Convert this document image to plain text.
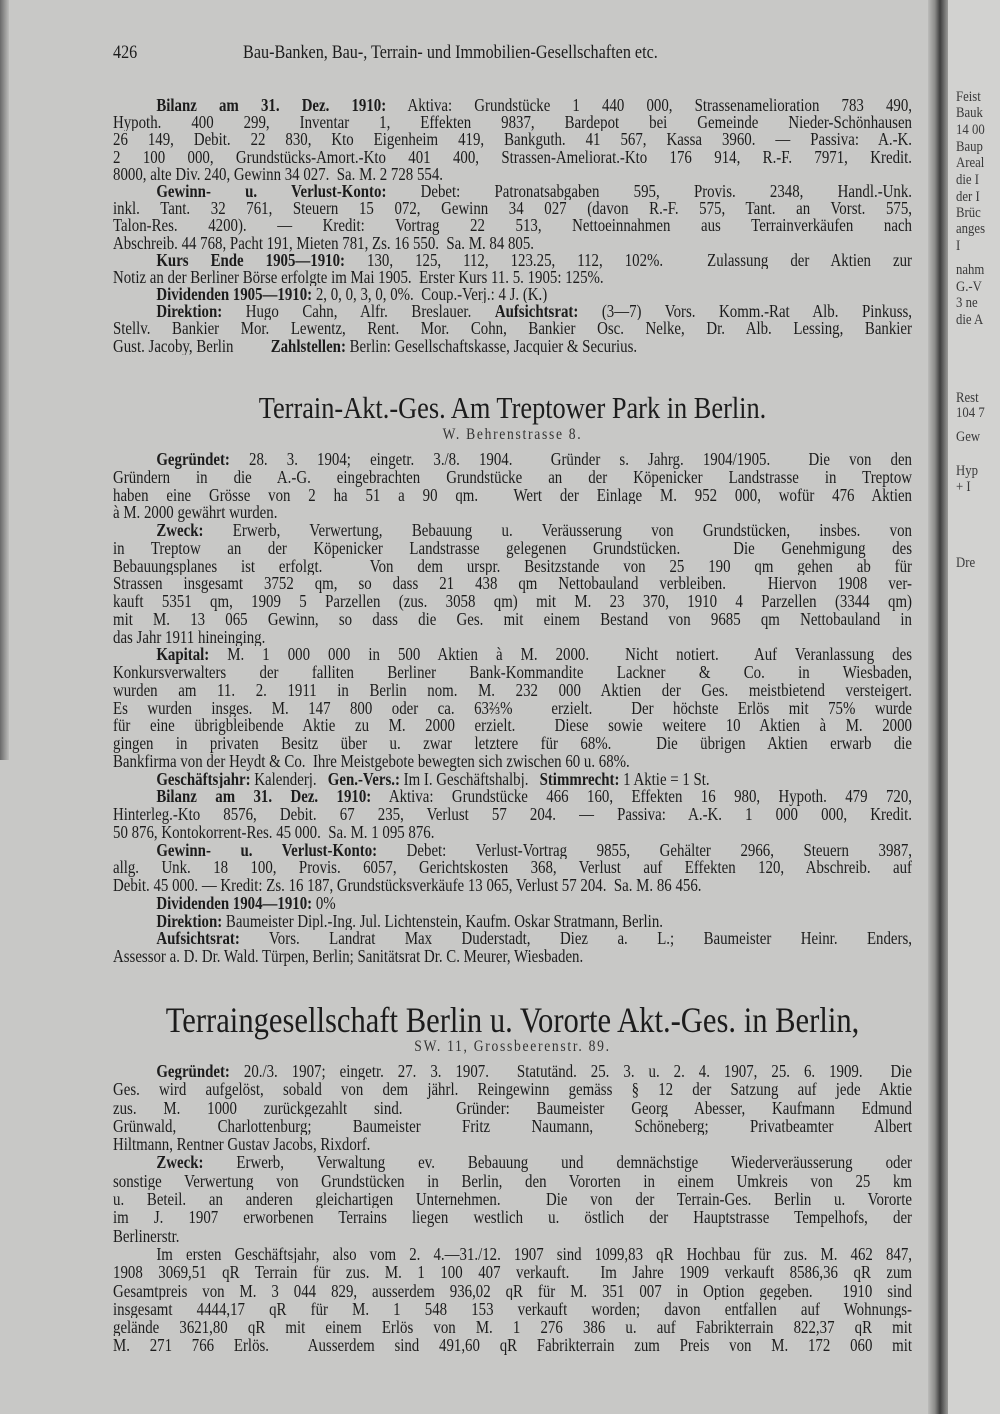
426	Bau-Banken, Bau-, Terrain- und Immobilien-Gesellschaften etc.
Bilanz am 31. Dez. 1910: Aktiva: Grundstücke 1 440 000, Strassenamelioration 783 490,
Hypoth. 400 299, Inventar 1, Effekten 9837, Bardepot bei Gemeinde Nieder-Schönhausen
26 149, Debit. 22 830, Kto Eigenheim 419, Bankguth. 41 567, Kassa 3960. — Passiva: A.-K.
2 100 000, Grundstücks-Amort.-Kto 401 400, Strassen-Ameliorat.-Kto 176 914, R.-F. 7971, Kredit.
8000, alte Div. 240, Gewinn 34 027.  Sa. M. 2 728 554.
Gewinn- u. Verlust-Konto: Debet: Patronatsabgaben 595, Provis. 2348, Handl.-Unk.
inkl. Tant. 32 761, Steuern 15 072, Gewinn 34 027 (davon R.-F. 575, Tant. an Vorst. 575,
Talon-Res. 4200). — Kredit: Vortrag 22 513, Nettoeinnahmen aus Terrainverkäufen nach
Abschreib. 44 768, Pacht 191, Mieten 781, Zs. 16 550.  Sa. M. 84 805.
Kurs Ende 1905—1910: 130, 125, 112, 123.25, 112, 102%.  Zulassung der Aktien zur
Notiz an der Berliner Börse erfolgte im Mai 1905.  Erster Kurs 11. 5. 1905: 125%.
Dividenden 1905—1910: 2, 0, 0, 3, 0, 0%.  Coup.-Verj.: 4 J. (K.)
Direktion: Hugo Cahn, Alfr. Breslauer. Aufsichtsrat: (3—7) Vors. Komm.-Rat Alb. Pinkuss,
Stellv. Bankier Mor. Lewentz, Rent. Mor. Cohn, Bankier Osc. Nelke, Dr. Alb. Lessing, Bankier
Gust. Jacoby, Berlin          Zahlstellen: Berlin: Gesellschaftskasse, Jacquier & Securius.
Terrain-Akt.-Ges. Am Treptower Park in Berlin.
W. Behrenstrasse 8.
Gegründet: 28. 3. 1904; eingetr. 3./8. 1904.  Gründer s. Jahrg. 1904/1905.  Die von den
Gründern in die A.-G. eingebrachten Grundstücke an der Köpenicker Landstrasse in Treptow
haben eine Grösse von 2 ha 51 a 90 qm.  Wert der Einlage M. 952 000, wofür 476 Aktien
à M. 2000 gewährt wurden.
Zweck: Erwerb, Verwertung, Bebauung u. Veräusserung von Grundstücken, insbes. von
in Treptow an der Köpenicker Landstrasse gelegenen Grundstücken.  Die Genehmigung des
Bebauungsplanes ist erfolgt.  Von dem urspr. Besitzstande von 25 190 qm gehen ab für
Strassen insgesamt 3752 qm, so dass 21 438 qm Nettobauland verbleiben.  Hiervon 1908 ver-
kauft 5351 qm, 1909 5 Parzellen (zus. 3058 qm) mit M. 23 370, 1910 4 Parzellen (3344 qm)
mit M. 13 065 Gewinn, so dass die Ges. mit einem Bestand von 9685 qm Nettobauland in
das Jahr 1911 hineinging.
Kapital: M. 1 000 000 in 500 Aktien à M. 2000.  Nicht notiert.  Auf Veranlassung des
Konkursverwalters der falliten Berliner Bank-Kommandite Lackner & Co. in Wiesbaden,
wurden am 11. 2. 1911 in Berlin nom. M. 232 000 Aktien der Ges. meistbietend versteigert.
Es wurden insges. M. 147 800 oder ca. 63⅔%  erzielt.  Der höchste Erlös mit 75% wurde
für eine übrigbleibende Aktie zu M. 2000 erzielt.  Diese sowie weitere 10 Aktien à M. 2000
gingen in privaten Besitz über u. zwar letztere für 68%.  Die übrigen Aktien erwarb die
Bankfirma von der Heydt & Co.  Ihre Meistgebote bewegten sich zwischen 60 u. 68%.
Geschäftsjahr: Kalenderj.   Gen.-Vers.: Im I. Geschäftshalbj.   Stimmrecht: 1 Aktie = 1 St.
Bilanz am 31. Dez. 1910: Aktiva: Grundstücke 466 160, Effekten 16 980, Hypoth. 479 720,
Hinterleg.-Kto 8576, Debit. 67 235, Verlust 57 204. — Passiva: A.-K. 1 000 000, Kredit.
50 876, Kontokorrent-Res. 45 000.  Sa. M. 1 095 876.
Gewinn- u. Verlust-Konto: Debet: Verlust-Vortrag 9855, Gehälter 2966, Steuern 3987,
allg. Unk. 18 100, Provis. 6057, Gerichtskosten 368, Verlust auf Effekten 120, Abschreib. auf
Debit. 45 000. — Kredit: Zs. 16 187, Grundstücksverkäufe 13 065, Verlust 57 204.  Sa. M. 86 456.
Dividenden 1904—1910: 0%
Direktion: Baumeister Dipl.-Ing. Jul. Lichtenstein, Kaufm. Oskar Stratmann, Berlin.
Aufsichtsrat: Vors. Landrat Max Duderstadt, Diez a. L.; Baumeister Heinr. Enders,
Assessor a. D. Dr. Wald. Türpen, Berlin; Sanitätsrat Dr. C. Meurer, Wiesbaden.
Terraingesellschaft Berlin u. Vororte Akt.-Ges. in Berlin,
SW. 11, Grossbeerenstr. 89.
Gegründet: 20./3. 1907; eingetr. 27. 3. 1907.  Statutänd. 25. 3. u. 2. 4. 1907, 25. 6. 1909.  Die
Ges. wird aufgelöst, sobald von dem jährl. Reingewinn gemäss § 12 der Satzung auf jede Aktie
zus. M. 1000 zurückgezahlt sind.  Gründer: Baumeister Georg Abesser, Kaufmann Edmund
Grünwald, Charlottenburg; Baumeister Fritz Naumann, Schöneberg; Privatbeamter Albert
Hiltmann, Rentner Gustav Jacobs, Rixdorf.
Zweck: Erwerb, Verwaltung ev. Bebauung und demnächstige Wiederveräusserung oder
sonstige Verwertung von Grundstücken in Berlin, den Vororten in einem Umkreis von 25 km
u. Beteil. an anderen gleichartigen Unternehmen.  Die von der Terrain-Ges. Berlin u. Vororte
im J. 1907 erworbenen Terrains liegen westlich u. östlich der Hauptstrasse Tempelhofs, der
Berlinerstr.
Im ersten Geschäftsjahr, also vom 2. 4.—31./12. 1907 sind 1099,83 qR Hochbau für zus. M. 462 847,
1908 3069,51 qR Terrain für zus. M. 1 100 407 verkauft.  Im Jahre 1909 verkauft 8586,36 qR zum
Gesamtpreis von M. 3 044 829, ausserdem 936,02 qR für M. 351 007 in Option gegeben.  1910 sind
insgesamt 4444,17 qR für M. 1 548 153 verkauft worden; davon entfallen auf Wohnungs-
gelände 3621,80 qR mit einem Erlös von M. 1 276 386 u. auf Fabrikterrain 822,37 qR mit
M. 271 766 Erlös.  Ausserdem sind 491,60 qR Fabrikterrain zum Preis von M. 172 060 mit
Feist
Bauk
14 00
Baup
Areal
die I
der I
Brüc
anges
I
nahm
G.-V
3 ne
die A
Rest
104 7
Gew
Hyp
+ I
Dre
